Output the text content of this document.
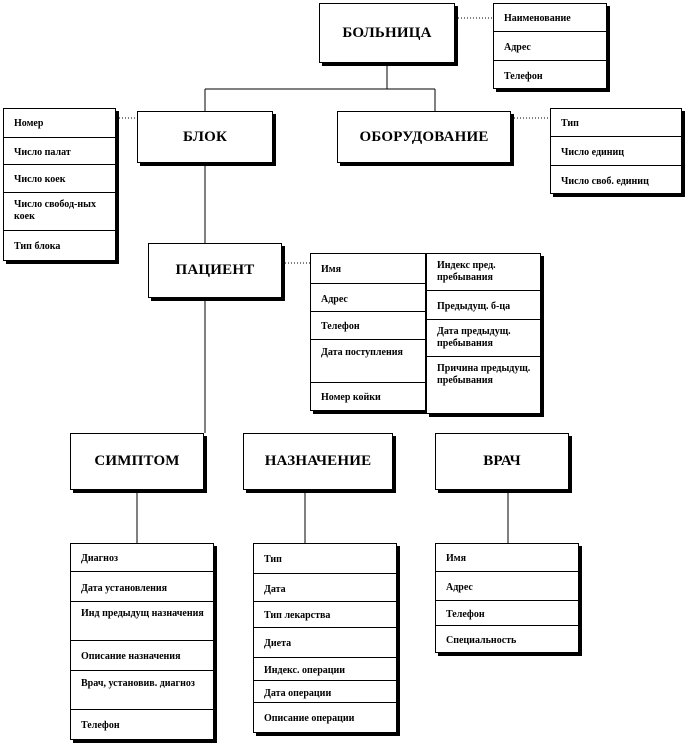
БОЛЬНИЦА
БЛОК	ОБОРУДОВАНИЕ
ПАЦИЕНТ
СИМПТОМ	НАЗНАЧЕНИЕ	ВРАЧ
Наименование
Адрес
Телефон
Номер
Число палат
Число коек
Число свобод-ных коек
Тип блока
Тип
Число единиц
Число своб. единиц
Имя
Адрес
Телефон
Дата поступления
Номер койки
Индекс пред. пребывания
Предыдущ. б-ца
Дата предыдущ. пребывания
Причина предыдущ. пребывания
Диагноз
Дата установления
Инд предыдущ назначения
Описание назначения
Врач, установив. диагноз
Телефон
Тип
Дата
Тип лекарства
Диета
Индекс. операции
Дата операции
Описание операции
Имя
Адрес
Телефон
Специальность
